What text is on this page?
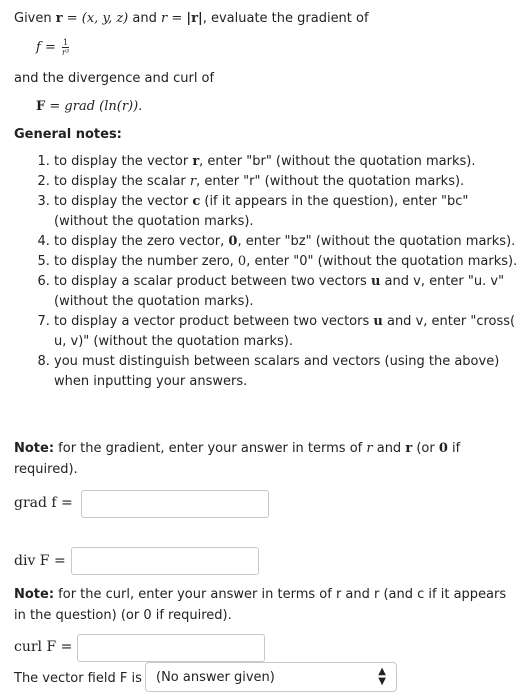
Given r = (x, y, z) and r = |r|, evaluate the gradient of
$f = \frac{1}{\text{r³}}$
and the divergence and curl of
F = grad (ln(r)).
General notes:
1. to display the vector r, enter "br" (without the quotation marks).
2. to display the scalar r, enter "r" (without the quotation marks).
3. to display the vector c (if it appears in the question), enter "bc" (without the quotation marks).
4. to display the zero vector, 0, enter "bz" (without the quotation marks).
5. to display the number zero, 0, enter "0" (without the quotation marks).
6. to display a scalar product between two vectors u and v, enter "u. v" (without the quotation marks).
7. to display a vector product between two vectors u and v, enter "cross( u, v)" (without the quotation marks).
8. you must distinguish between scalars and vectors (using the above) when inputting your answers.
Note: for the gradient, enter your answer in terms of r and r (or 0 if
required).
grad f =
div F =
Note: for the curl, enter your answer in terms of r and r (and c if it appears
in the question) (or 0 if required).
curl F =
The vector field F is (No answer given)	▲
▼
